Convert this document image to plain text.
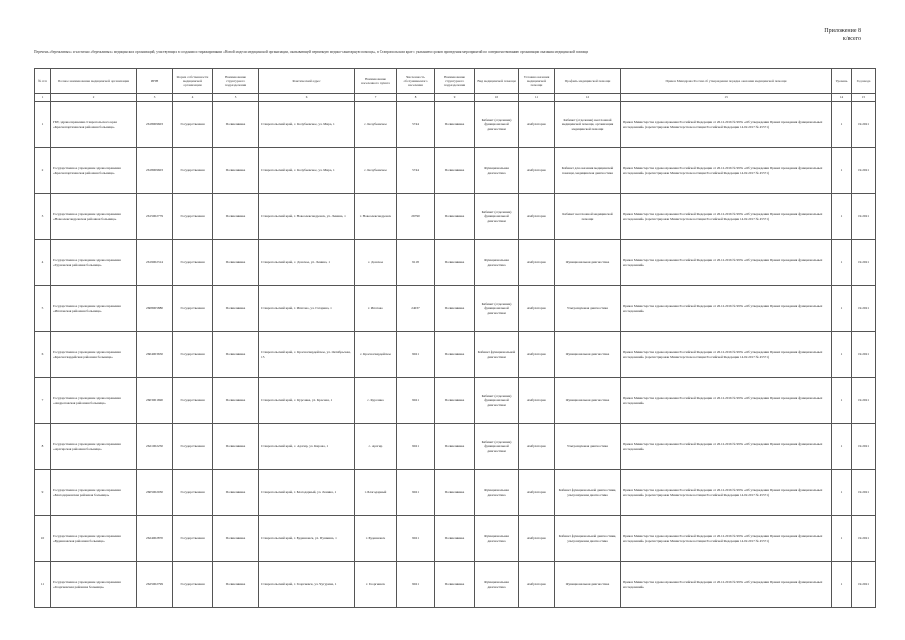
Приложение 8
к/всего
Перечень «бережливых» и частично «бережливых» медицинских организаций, участвующих в создании и тиражировании «Новой модели медицинской организации, оказывающей первичную медико-санитарную помощь», в Ставропольском крае с указанием сроков проведения мероприятий по совершенствованию организации оказания медицинской помощи
№ п/п	Полное наименование медицинской организации	ИНН	Форма собственности медицинской организации	Наименование структурного подразделения	Фактический адрес	Наименование населенного пункта	Численность обслуживаемого населения	Наименование структурного подразделения	Вид медицинской помощи	Условия оказания медицинской помощи	Профиль медицинской помощи	Приказ Минздрава России об утверждении порядка оказания медицинской помощи	Уровень	Год ввода
1	2	3	4	5	6	7	8	9	10	11	12	13	14	15
1	ГБУ, здравоохранения ставропольского края «Краснопартизанская районная больница»	2618009603	Государственная	Поликлиника	Ставропольский край, с. Кочубеевское, ул. Мира, 1	с. Кочубеевское	5744	Поликлиника	Кабинет (отделение) функциональной диагностики	Амбулаторно	Кабинет (отделение) неотложной медицинской помощи, организация медицинской помощи	Приказ Министерства здравоохранения Российской Федерации от 26.12.2016 № 997н «Об утверждении Правил проведения функциональных исследований» (зарегистрирован Министерством юстиции Российской Федерации 14.02.2017 № 45571)	1	19.2021
2	Государственное учреждение здравоохранения «Краснопартизанская районная больница»	2618009603	Государственная	Поликлиника	Ставропольский край, с. Кочубеевское, ул. Мира, 1	с. Кочубеевское	5744	Поликлиника	Функциональная диагностика	Амбулаторно	Кабинет для оказания медицинской помощи, медицинская диагностика	Приказ Министерства здравоохранения Российской Федерации от 26.12.2016 № 997н «Об утверждении Правил проведения функциональных исследований» (зарегистрирован Министерством юстиции Российской Федерации 14.02.2017 № 45571)	1	19.2021
3	Государственное учреждение здравоохранения «Новоалександровская районная больница»	2615002779	Государственная	Поликлиника	Ставропольский край, г. Новоалександровск, ул. Ленина, 1	г. Новоалександровск	26790	Поликлиника	Кабинет (отделение) функциональной диагностики	Амбулаторно	Кабинет неотложной медицинской помощи	Приказ Министерства здравоохранения Российской Федерации от 26.12.2016 № 997н «Об утверждении Правил проведения функциональных исследований» (зарегистрирован Министерством юстиции Российской Федерации 14.02.2017 № 45571)	1	19.2021
4	Государственное учреждение здравоохранения «Труновская районная больница»	2619002314	Государственная	Поликлиника	Ставропольский край, с. Донское, ул. Ленина, 1	с. Донское	9118	Поликлиника	Функциональная диагностика	Амбулаторно	Функциональная диагностика	Приказ Министерства здравоохранения Российской Федерации от 26.12.2016 № 997н «Об утверждении Правил проведения функциональных исследований»	1	19.2021
5	Государственное учреждение здравоохранения «Ипатовская районная больница»	2608005880	Государственная	Поликлиника	Ставропольский край, г. Ипатово, ул. Гагарина, 1	г. Ипатово	24037	Поликлиника	Кабинет (отделение) функциональной диагностики	Амбулаторно	Ультразвуковая диагностика	Приказ Министерства здравоохранения Российской Федерации от 26.12.2016 № 997н «Об утверждении Правил проведения функциональных исследований»	1	19.2021
6	Государственное учреждение здравоохранения «Красногвардейская районная больница»	2604003650	Государственная	Поликлиника	Ставропольский край, с. Красногвардейское, ул. Октябрьская, 15	с. Красногвардейское	9021	Поликлиника	Кабинет функциональной диагностики	Амбулаторно	Функциональная диагностика	Приказ Министерства здравоохранения Российской Федерации от 26.12.2016 № 997н «Об утверждении Правил проведения функциональных исследований» (зарегистрирован Министерством юстиции Российской Федерации 14.02.2017 № 45571)	1	19.2021
7	Государственное учреждение здравоохранения «Андроповская районная больница»	2603001690	Государственная	Поликлиника	Ставропольский край, с. Курсавка, ул. Красная, 1	с. Курсавка	9021	Поликлиника	Кабинет (отделение) функциональной диагностики	Амбулаторно	Функциональная диагностика	Приказ Министерства здравоохранения Российской Федерации от 26.12.2016 № 997н «Об утверждении Правил проведения функциональных исследований»	1	19.2021
8	Государственное учреждение здравоохранения «Арзгирская районная больница»	2621002250	Государственная	Поликлиника	Ставропольский край, с. Арзгир, ул. Кирова, 1	с. Арзгир	9021	Поликлиника	Кабинет (отделение) функциональной диагностики	Амбулаторно	Ультразвуковая диагностика	Приказ Министерства здравоохранения Российской Федерации от 26.12.2016 № 997н «Об утверждении Правил проведения функциональных исследований»	1	19.2021
9	Государственное учреждение здравоохранения «Благодарненская районная больница»	2605002030	Государственная	Поликлиника	Ставропольский край, г. Благодарный, ул. Ленина, 1	г. Благодарный	9021	Поликлиника	Функциональная диагностика	Амбулаторно	Кабинет функциональной диагностики, ультразвуковая диагностика	Приказ Министерства здравоохранения Российской Федерации от 26.12.2016 № 997н «Об утверждении Правил проведения функциональных исследований» (зарегистрирован Министерством юстиции Российской Федерации 14.02.2017 № 45571)	1	19.2021
10	Государственное учреждение здравоохранения «Буденновская районная больница»	2624002870	Государственная	Поликлиника	Ставропольский край, г. Буденновск, ул. Пушкина, 1	г. Буденновск	9021	Поликлиника	Функциональная диагностика	Амбулаторно	Кабинет функциональной диагностики, ультразвуковая диагностика	Приказ Министерства здравоохранения Российской Федерации от 26.12.2016 № 997н «Об утверждении Правил проведения функциональных исследований» (зарегистрирован Министерством юстиции Российской Федерации 14.02.2017 № 45571)	1	19.2021
11	Государственное учреждение здравоохранения «Георгиевская районная больница»	2625002799	Государственная	Поликлиника	Ставропольский край, г. Георгиевск, ул. Чугурина, 1	г. Георгиевск	9021	Поликлиника	Функциональная диагностика	Амбулаторно	Функциональная диагностика	Приказ Министерства здравоохранения Российской Федерации от 26.12.2016 № 997н «Об утверждении Правил проведения функциональных исследований»	1	19.2021
